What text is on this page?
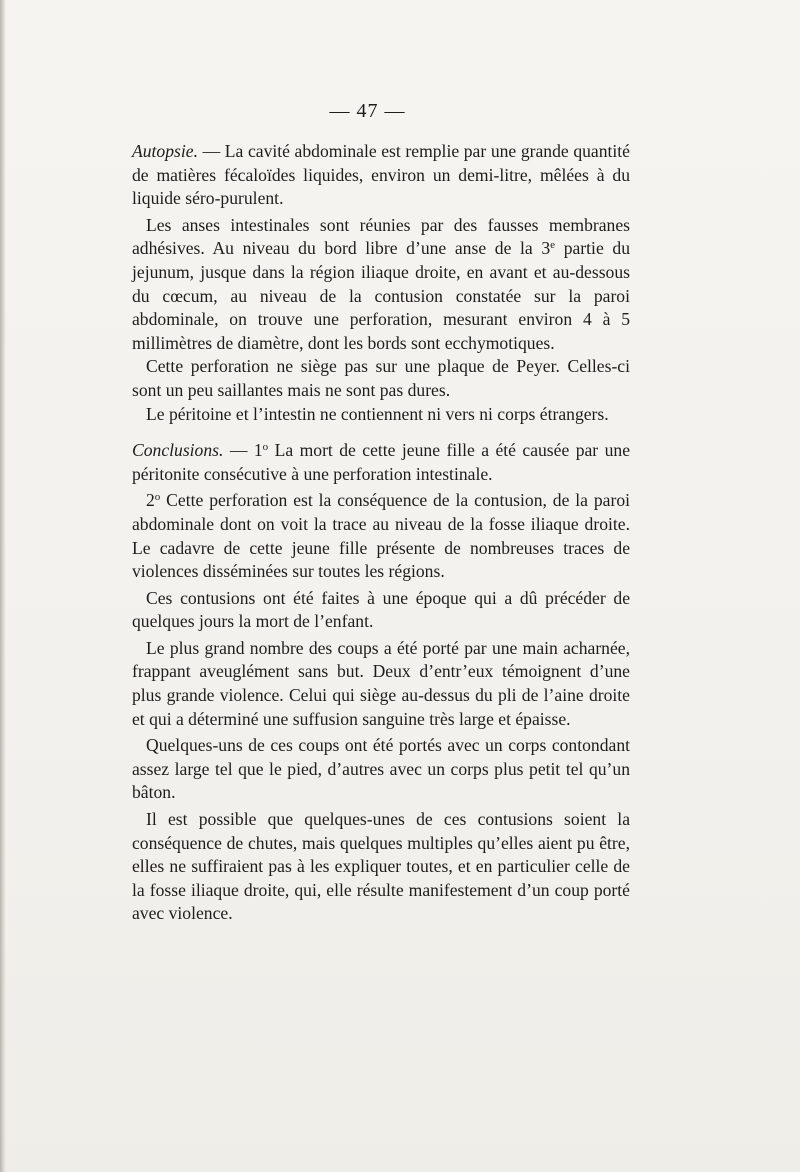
— 47 —

Autopsie. — La cavité abdominale est remplie par une grande quantité de matières fécaloïdes liquides, environ un demi-litre, mêlées à du liquide séro-purulent.

Les anses intestinales sont réunies par des fausses membranes adhésives. Au niveau du bord libre d’une anse de la 3e partie du jejunum, jusque dans la région iliaque droite, en avant et au-dessous du cœcum, au niveau de la contusion constatée sur la paroi abdominale, on trouve une perforation, mesurant environ 4 à 5 millimètres de diamètre, dont les bords sont ecchymotiques.

Cette perforation ne siège pas sur une plaque de Peyer. Celles-ci sont un peu saillantes mais ne sont pas dures.

Le péritoine et l’intestin ne contiennent ni vers ni corps étrangers.

Conclusions. — 1$^o$ La mort de cette jeune fille a été causée par une péritonite consécutive à une perforation intestinale.

2$^o$ Cette perforation est la conséquence de la contusion, de la paroi abdominale dont on voit la trace au niveau de la fosse iliaque droite. Le cadavre de cette jeune fille présente de nombreuses traces de violences disséminées sur toutes les régions.

Ces contusions ont été faites à une époque qui a dû précéder de quelques jours la mort de l’enfant.

Le plus grand nombre des coups a été porté par une main acharnée, frappant aveuglément sans but. Deux d’entr’eux témoignent d’une plus grande violence. Celui qui siège au-dessus du pli de l’aine droite et qui a déterminé une suffusion sanguine très large et épaisse.

Quelques-uns de ces coups ont été portés avec un corps contondant assez large tel que le pied, d’autres avec un corps plus petit tel qu’un bâton.

Il est possible que quelques-unes de ces contusions soient la conséquence de chutes, mais quelques multiples qu’elles aient pu être, elles ne suffiraient pas à les expliquer toutes, et en particulier celle de la fosse iliaque droite, qui, elle résulte manifestement d’un coup porté avec violence.
